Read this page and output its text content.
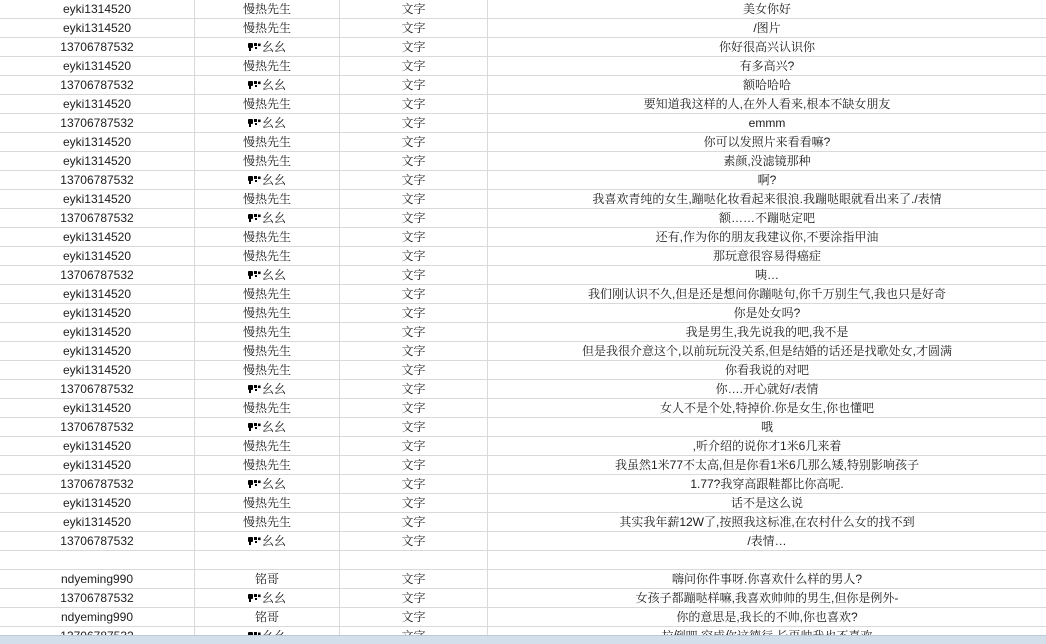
eyki1314520	慢热先生	文字	美女你好
eyki1314520	慢热先生	文字	/图片
13706787532	幺幺	文字	你好很高兴认识你
eyki1314520	慢热先生	文字	有多高兴?
13706787532	幺幺	文字	额哈哈哈
eyki1314520	慢热先生	文字	要知道我这样的人,在外人看来,根本不缺女朋友
13706787532	幺幺	文字	emmm
eyki1314520	慢热先生	文字	你可以发照片来看看嘛?
eyki1314520	慢热先生	文字	素颜,没滤镜那种
13706787532	幺幺	文字	啊?
eyki1314520	慢热先生	文字	我喜欢青纯的女生,蹦哒化妆看起来很浪.我蹦哒眼就看出来了./表情
13706787532	幺幺	文字	额……不蹦哒定吧
eyki1314520	慢热先生	文字	还有,作为你的朋友我建议你,不要涂指甲油
eyki1314520	慢热先生	文字	那玩意很容易得癌症
13706787532	幺幺	文字	咦…
eyki1314520	慢热先生	文字	我们刚认识不久,但是还是想问你蹦哒句,你千万别生气,我也只是好奇
eyki1314520	慢热先生	文字	你是处女吗?
eyki1314520	慢热先生	文字	我是男生,我先说我的吧,我不是
eyki1314520	慢热先生	文字	但是我很介意这个,以前玩玩没关系,但是结婚的话还是找歌处女,才圆满
eyki1314520	慢热先生	文字	你看我说的对吧
13706787532	幺幺	文字	你….开心就好/表情
eyki1314520	慢热先生	文字	女人不是个处,特掉价.你是女生,你也懂吧
13706787532	幺幺	文字	哦
eyki1314520	慢热先生	文字	,听介绍的说你才1米6几来着
eyki1314520	慢热先生	文字	我虽然1米77不太高,但是你看1米6几那么矮,特别影响孩子
13706787532	幺幺	文字	1.77?我穿高跟鞋都比你高呢.
eyki1314520	慢热先生	文字	话不是这么说
eyki1314520	慢热先生	文字	其实我年薪12W了,按照我这标准,在农村什么女的找不到
13706787532	幺幺	文字	/表情…
ndyeming990	铭哥	文字	嗨问你件事呀.你喜欢什么样的男人?
13706787532	幺幺	文字	女孩子都蹦哒样嘛,我喜欢帅帅的男生,但你是例外-
ndyeming990	铭哥	文字	你的意思是,我长的不帅,你也喜欢?
